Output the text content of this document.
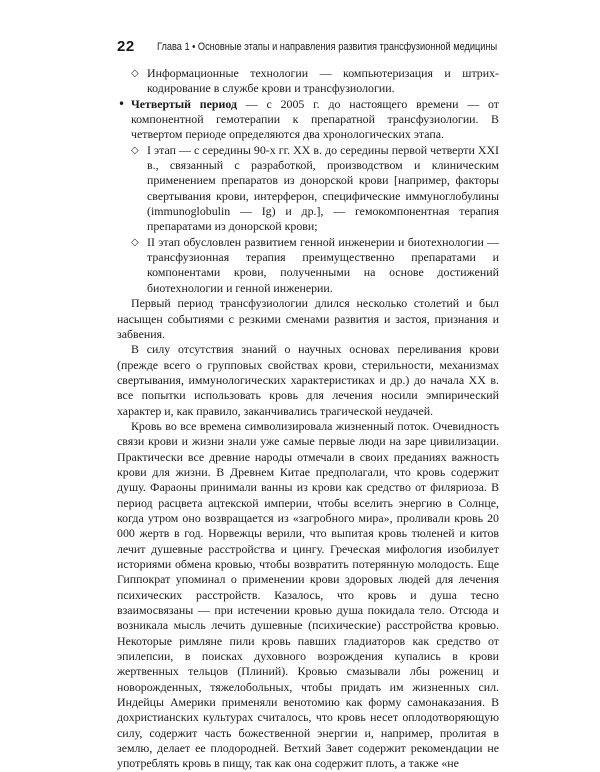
22 Глава 1 • Основные этапы и направления развития трансфузионной медицины
◇ Информационные технологии — компьютеризация и штрих-кодирование в службе крови и трансфузиологии.
• Четвертый период — с 2005 г. до настоящего времени — от компонентной гемотерапии к препаратной трансфузиологии. В четвертом периоде определяются два хронологических этапа.
◇ I этап — с середины 90-х гг. XX в. до середины первой четверти XXI в., связанный с разработкой, производством и клиническим применением препаратов из донорской крови [например, факторы свертывания крови, интерферон, специфические иммуноглобулины (immunoglobulin — Ig) и др.], — гемокомпонентная терапия препаратами из донорской крови;
◇ II этап обусловлен развитием генной инженерии и биотехнологии — трансфузионная терапия преимущественно препаратами и компонентами крови, полученными на основе достижений биотехнологии и генной инженерии.

Первый период трансфузиологии длился несколько столетий и был насыщен событиями с резкими сменами развития и застоя, признания и забвения.

В силу отсутствия знаний о научных основах переливания крови (прежде всего о групповых свойствах крови, стерильности, механизмах свертывания, иммунологических характеристиках и др.) до начала XX в. все попытки использовать кровь для лечения носили эмпирический характер и, как правило, заканчивались трагической неудачей.

Кровь во все времена символизировала жизненный поток. Очевидность связи крови и жизни знали уже самые первые люди на заре цивилизации. Практически все древние народы отмечали в своих преданиях важность крови для жизни. В Древнем Китае предполагали, что кровь содержит душу. Фараоны принимали ванны из крови как средство от филяриоза. В период расцвета ацтекской империи, чтобы вселить энергию в Солнце, когда утром оно возвращается из «загробного мира», проливали кровь 20 000 жертв в год. Норвежцы верили, что выпитая кровь тюленей и китов лечит душевные расстройства и цингу. Греческая мифология изобилует историями обмена кровью, чтобы возвратить потерянную молодость. Еще Гиппократ упоминал о применении крови здоровых людей для лечения психических расстройств. Казалось, что кровь и душа тесно взаимосвязаны — при истечении кровью душа покидала тело. Отсюда и возникала мысль лечить душевные (психические) расстройства кровью. Некоторые римляне пили кровь павших гладиаторов как средство от эпилепсии, в поисках духовного возрождения купались в крови жертвенных тельцов (Плиний). Кровью смазывали лбы рожениц и новорожденных, тяжелобольных, чтобы придать им жизненных сил. Индейцы Америки применяли венотомию как форму самонаказания. В дохристианских культурах считалось, что кровь несет оплодотворяющую силу, содержит часть божественной энергии и, например, пролитая в землю, делает ее плодородней. Ветхий Завет содержит рекомендации не употреблять кровь в пищу, так как она содержит плоть, а также «не
